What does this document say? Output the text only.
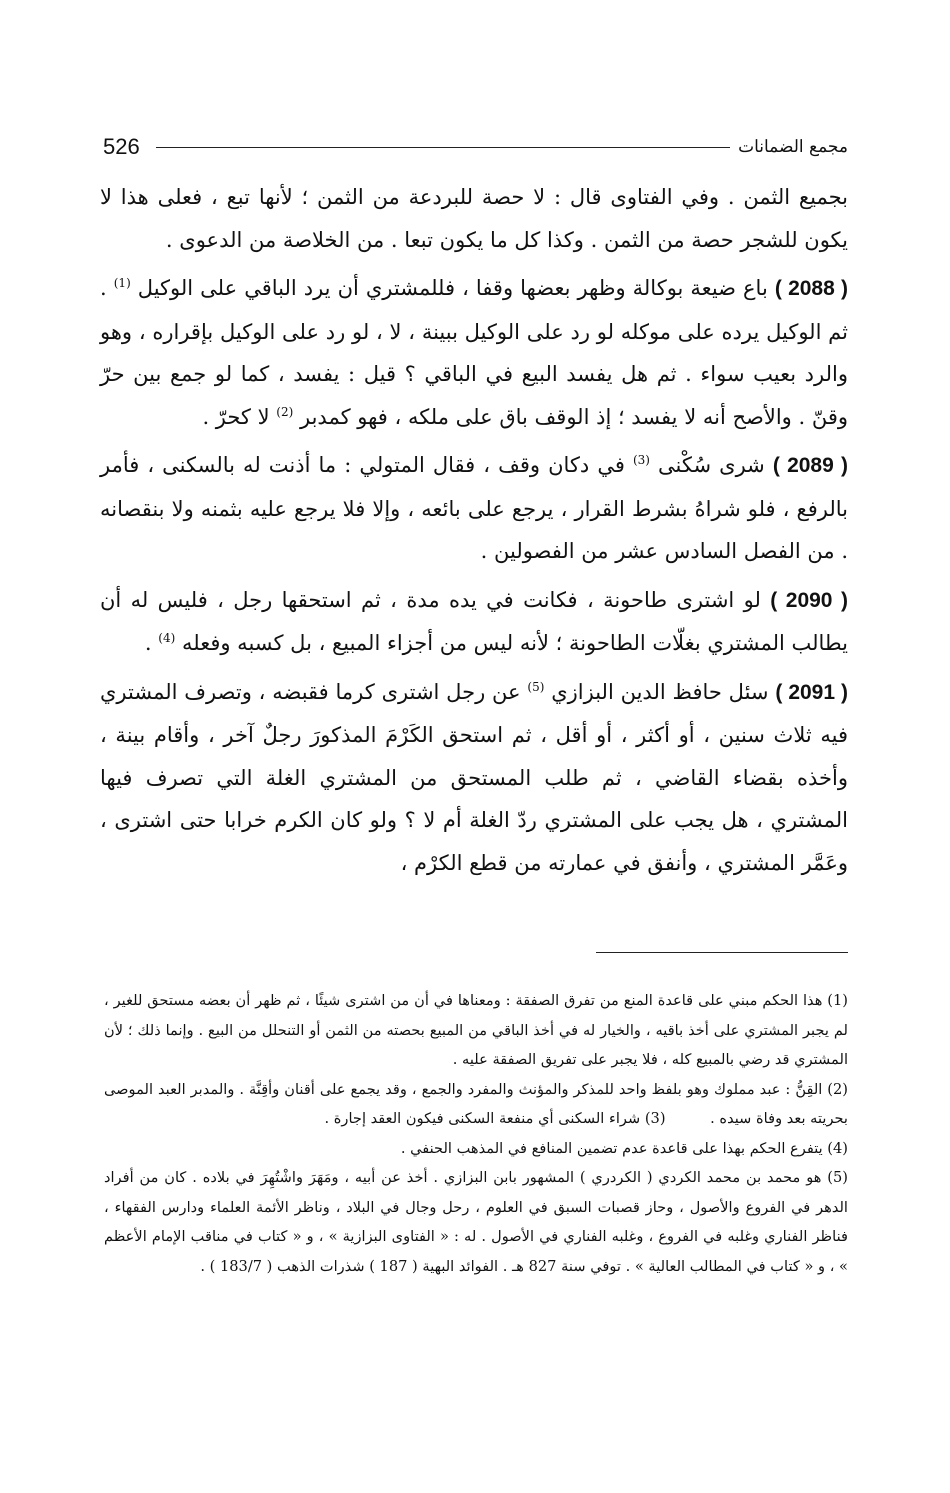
526	مجمع الضمانات

بجميع الثمن . وفي الفتاوى قال : لا حصة للبردعة من الثمن ؛ لأنها تبع ، فعلى هذا لا يكون للشجر حصة من الثمن . وكذا كل ما يكون تبعا . من الخلاصة من الدعوى .

( 2088 ) باع ضيعة بوكالة وظهر بعضها وقفا ، فللمشتري أن يرد الباقي على الوكيل $^{(1)}$ . ثم الوكيل يرده على موكله لو رد على الوكيل ببينة ، لا ، لو رد على الوكيل بإقراره ، وهو والرد بعيب سواء . ثم هل يفسد البيع في الباقي ؟ قيل : يفسد ، كما لو جمع بين حرّ وقنّ . والأصح أنه لا يفسد ؛ إذ الوقف باق على ملكه ، فهو كمدبر $^{(2)}$ لا كحرّ .

( 2089 ) شرى سُكْنى $^{(3)}$ في دكان وقف ، فقال المتولي : ما أذنت له بالسكنى ، فأمر بالرفع ، فلو شراهُ بشرط القرار ، يرجع على بائعه ، وإلا فلا يرجع عليه بثمنه ولا بنقصانه . من الفصل السادس عشر من الفصولين .

( 2090 ) لو اشترى طاحونة ، فكانت في يده مدة ، ثم استحقها رجل ، فليس له أن يطالب المشتري بغلّات الطاحونة ؛ لأنه ليس من أجزاء المبيع ، بل كسبه وفعله $^{(4)}$ .

( 2091 ) سئل حافظ الدين البزازي $^{(5)}$ عن رجل اشترى كرما فقبضه ، وتصرف المشتري فيه ثلاث سنين ، أو أكثر ، أو أقل ، ثم استحق الكَرْمَ المذكورَ رجلٌ آخر ، وأقام بينة ، وأخذه بقضاء القاضي ، ثم طلب المستحق من المشتري الغلة التي تصرف فيها المشتري ، هل يجب على المشتري ردّ الغلة أم لا ؟ ولو كان الكرم خرابا حتى اشترى ، وعَمَّر المشتري ، وأنفق في عمارته من قطع الكرْم ،

(1) هذا الحكم مبني على قاعدة المنع من تفرق الصفقة : ومعناها في أن من اشترى شيئًا ، ثم ظهر أن بعضه مستحق للغير ، لم يجبر المشتري على أخذ باقيه ، والخيار له في أخذ الباقي من المبيع بحصته من الثمن أو التنحلل من البيع . وإنما ذلك ؛ لأن المشتري قد رضي بالمبيع كله ، فلا يجبر على تفريق الصفقة عليه .

(2) القِنُّ : عبد مملوك وهو بلفظ واحد للمذكر والمؤنث والمفرد والجمع ، وقد يجمع على أقنان وأقِنَّة . والمدبر العبد الموصى بحريته بعد وفاة سيده . (3) شراء السكنى أي منفعة السكنى فيكون العقد إجارة .

(4) يتفرع الحكم بهذا على قاعدة عدم تضمين المنافع في المذهب الحنفي .

(5) هو محمد بن محمد الكردي ( الكردري ) المشهور بابن البزازي . أخذ عن أبيه ، ومَهَرَ واشْتُهِرَ في بلاده . كان من أفراد الدهر في الفروع والأصول ، وحاز قصبات السبق في العلوم ، رحل وجال في البلاد ، وناظر الأئمة العلماء ودارس الفقهاء ، فناظر الفناري وغلبه في الفروع ، وغلبه الفناري في الأصول . له : « الفتاوى البزازية » ، و « كتاب في مناقب الإمام الأعظم » ، و « كتاب في المطالب العالية » . توفي سنة 827 هـ . الفوائد البهية ( 187 ) شذرات الذهب ( 183/7 ) .
